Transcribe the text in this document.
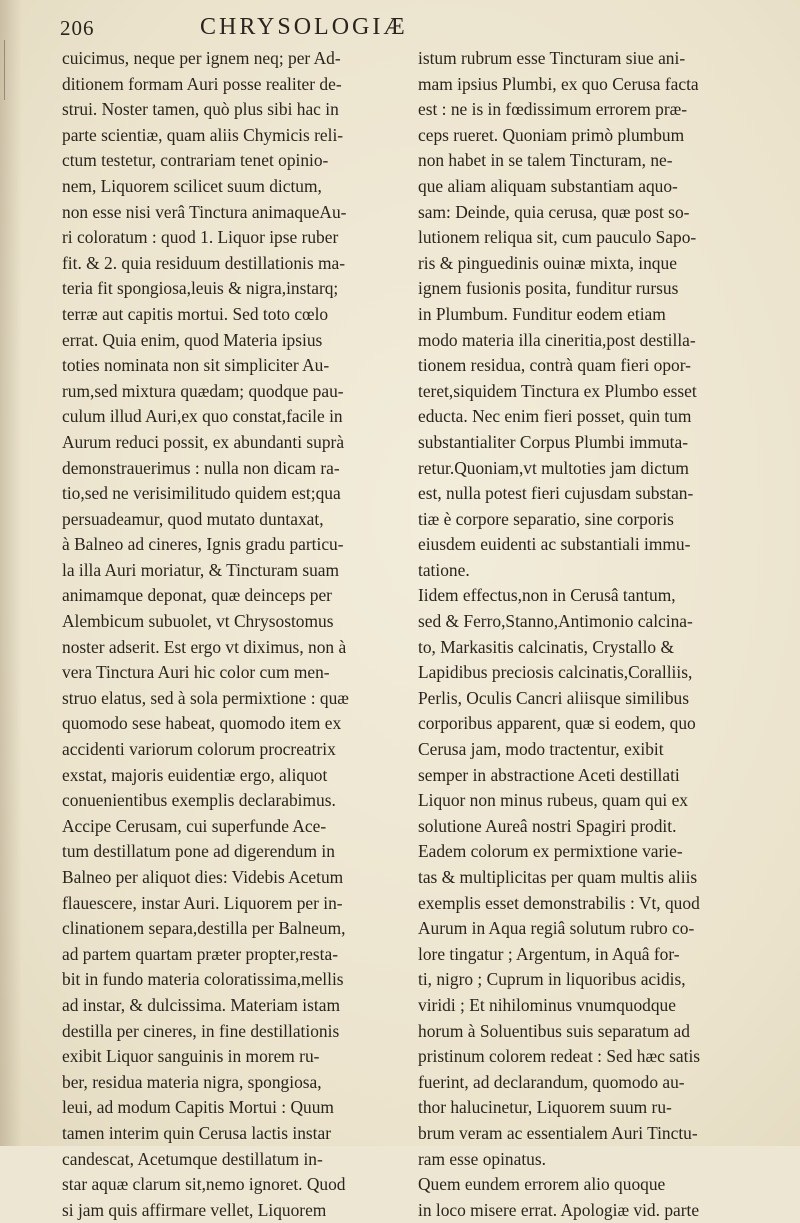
206	CHRYSOLOGIÆ
cuicimus, neque per ignem neq; per Ad-
ditionem formam Auri posse realiter de-
strui. Noster tamen, quò plus sibi hac in
parte scientiæ, quam aliis Chymicis reli-
ctum testetur, contrariam tenet opinio-
nem, Liquorem scilicet suum dictum,
non esse nisi verâ Tinctura animaqueAu-
ri coloratum : quod 1. Liquor ipse ruber
fit. & 2. quia residuum destillationis ma-
teria fit spongiosa,leuis & nigra,instarq;
terræ aut capitis mortui. Sed toto cœlo
errat. Quia enim, quod Materia ipsius
toties nominata non sit simpliciter Au-
rum,sed mixtura quædam; quodque pau-
culum illud Auri,ex quo constat,facile in
Aurum reduci possit, ex abundanti suprà
demonstrauerimus : nulla non dicam ra-
tio,sed ne verisimilitudo quidem est;qua
persuadeamur, quod mutato duntaxat,
à Balneo ad cineres, Ignis gradu particu-
la illa Auri moriatur, & Tincturam suam
animamque deponat, quæ deinceps per
Alembicum subuolet, vt Chrysostomus
noster adserit. Est ergo vt diximus, non à
vera Tinctura Auri hic color cum men-
struo elatus, sed à sola permixtione : quæ
quomodo sese habeat, quomodo item ex
accidenti variorum colorum procreatrix
exstat, majoris euidentiæ ergo, aliquot
conuenientibus exemplis declarabimus.
Accipe Cerusam, cui superfunde Ace-
tum destillatum pone ad digerendum in
Balneo per aliquot dies: Videbis Acetum
flauescere, instar Auri. Liquorem per in-
clinationem separa,destilla per Balneum,
ad partem quartam præter propter,resta-
bit in fundo materia coloratissima,mellis
ad instar, & dulcissima. Materiam istam
destilla per cineres, in fine destillationis
exibit Liquor sanguinis in morem ru-
ber, residua materia nigra, spongiosa,
leui, ad modum Capitis Mortui : Quum
tamen interim quin Cerusa lactis instar
candescat, Acetumque destillatum in-
star aquæ clarum sit,nemo ignoret. Quod
si jam quis affirmare vellet, Liquorem
istum rubrum esse Tincturam siue ani-
mam ipsius Plumbi, ex quo Cerusa facta
est : ne is in fœdissimum errorem præ-
ceps rueret. Quoniam primò plumbum
non habet in se talem Tincturam, ne-
que aliam aliquam substantiam aquo-
sam: Deinde, quia cerusa, quæ post so-
lutionem reliqua sit, cum pauculo Sapo-
ris & pinguedinis ouinæ mixta, inque
ignem fusionis posita, funditur rursus
in Plumbum. Funditur eodem etiam
modo materia illa cineritia,post destilla-
tionem residua, contrà quam fieri opor-
teret,siquidem Tinctura ex Plumbo esset
educta. Nec enim fieri posset, quin tum
substantialiter Corpus Plumbi immuta-
retur.Quoniam,vt multoties jam dictum
est, nulla potest fieri cujusdam substan-
tiæ è corpore separatio, sine corporis
eiusdem euidenti ac substantiali immu-
tatione.
Iidem effectus,non in Cerusâ tantum,
sed & Ferro,Stanno,Antimonio calcina-
to, Markasitis calcinatis, Crystallo &
Lapidibus preciosis calcinatis,Coralliis,
Perlis, Oculis Cancri aliisque similibus
corporibus apparent, quæ si eodem, quo
Cerusa jam, modo tractentur, exibit
semper in abstractione Aceti destillati
Liquor non minus rubeus, quam qui ex
solutione Aureâ nostri Spagiri prodit.
Eadem colorum ex permixtione varie-
tas & multiplicitas per quam multis aliis
exemplis esset demonstrabilis : Vt, quod
Aurum in Aqua regiâ solutum rubro co-
lore tingatur ; Argentum, in Aquâ for-
ti, nigro ; Cuprum in liquoribus acidis,
viridi ; Et nihilominus vnumquodque
horum à Soluentibus suis separatum ad
pristinum colorem redeat : Sed hæc satis
fuerint, ad declarandum, quomodo au-
thor halucinetur, Liquorem suum ru-
brum veram ac essentialem Auri Tinctu-
ram esse opinatus.
Quem eundem errorem alio quoque
in loco misere errat. Apologiæ vid. parte
